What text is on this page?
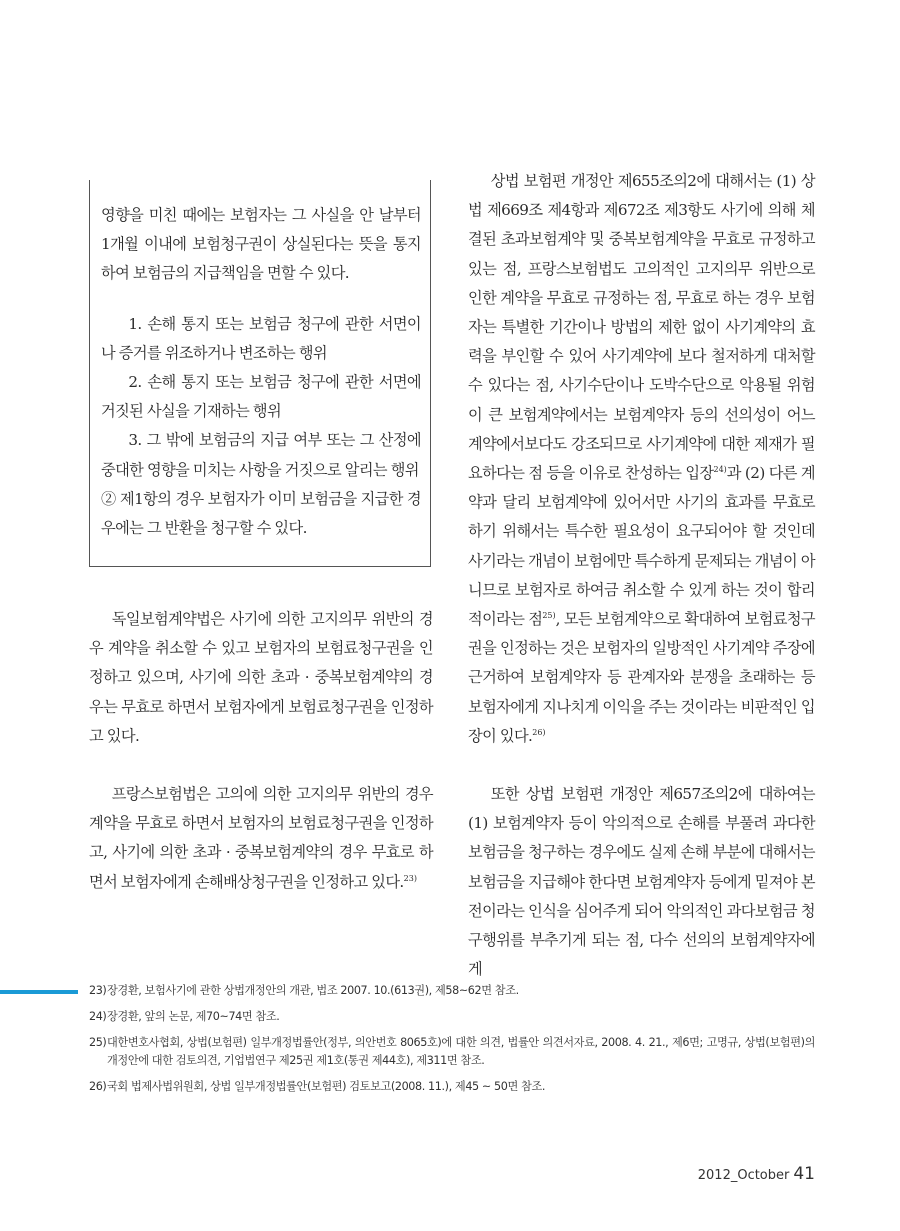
영향을 미친 때에는 보험자는 그 사실을 안 날부터 1개월 이내에 보험청구권이 상실된다는 뜻을 통지하여 보험금의 지급책임을 면할 수 있다.

1. 손해 통지 또는 보험금 청구에 관한 서면이나 증거를 위조하거나 변조하는 행위

2. 손해 통지 또는 보험금 청구에 관한 서면에 거짓된 사실을 기재하는 행위

3. 그 밖에 보험금의 지급 여부 또는 그 산정에 중대한 영향을 미치는 사항을 거짓으로 알리는 행위

② 제1항의 경우 보험자가 이미 보험금을 지급한 경우에는 그 반환을 청구할 수 있다.

독일보험계약법은 사기에 의한 고지의무 위반의 경우 계약을 취소할 수 있고 보험자의 보험료청구권을 인정하고 있으며, 사기에 의한 초과 · 중복보험계약의 경우는 무효로 하면서 보험자에게 보험료청구권을 인정하고 있다.

프랑스보험법은 고의에 의한 고지의무 위반의 경우 계약을 무효로 하면서 보험자의 보험료청구권을 인정하고, 사기에 의한 초과 · 중복보험계약의 경우 무효로 하면서 보험자에게 손해배상청구권을 인정하고 있다.$^{23)}$

상법 보험편 개정안 제655조의2에 대해서는 (1) 상법 제669조 제4항과 제672조 제3항도 사기에 의해 체결된 초과보험계약 및 중복보험계약을 무효로 규정하고 있는 점, 프랑스보험법도 고의적인 고지의무 위반으로 인한 계약을 무효로 규정하는 점, 무효로 하는 경우 보험자는 특별한 기간이나 방법의 제한 없이 사기계약의 효력을 부인할 수 있어 사기계약에 보다 철저하게 대처할 수 있다는 점, 사기수단이나 도박수단으로 악용될 위험이 큰 보험계약에서는 보험계약자 등의 선의성이 어느 계약에서보다도 강조되므로 사기계약에 대한 제재가 필요하다는 점 등을 이유로 찬성하는 입장$^{24)}$과 (2) 다른 계약과 달리 보험계약에 있어서만 사기의 효과를 무효로 하기 위해서는 특수한 필요성이 요구되어야 할 것인데 사기라는 개념이 보험에만 특수하게 문제되는 개념이 아니므로 보험자로 하여금 취소할 수 있게 하는 것이 합리적이라는 점$^{25)}$, 모든 보험계약으로 확대하여 보험료청구권을 인정하는 것은 보험자의 일방적인 사기계약 주장에 근거하여 보험계약자 등 관계자와 분쟁을 초래하는 등 보험자에게 지나치게 이익을 주는 것이라는 비판적인 입장이 있다.$^{26)}$

또한 상법 보험편 개정안 제657조의2에 대하여는 (1) 보험계약자 등이 악의적으로 손해를 부풀려 과다한 보험금을 청구하는 경우에도 실제 손해 부분에 대해서는 보험금을 지급해야 한다면 보험계약자 등에게 밑져야 본전이라는 인식을 심어주게 되어 악의적인 과다보험금 청구행위를 부추기게 되는 점, 다수 선의의 보험계약자에게

23) 장경환, 보험사기에 관한 상법개정안의 개관, 법조 2007. 10.(613권), 제58~62면 참조.
24) 장경환, 앞의 논문, 제70~74면 참조.
25) 대한변호사협회, 상법(보험편) 일부개정법률안(정부, 의안번호 8065호)에 대한 의견, 법률안 의견서자료, 2008. 4. 21., 제6면; 고명규, 상법(보험편)의 개정안에 대한 검토의견, 기업법연구 제25권 제1호(통권 제44호), 제311면 참조.
26) 국회 법제사법위원회, 상법 일부개정법률안(보험편) 검토보고(2008. 11.), 제45 ~ 50면 참조.
2012_October 41
